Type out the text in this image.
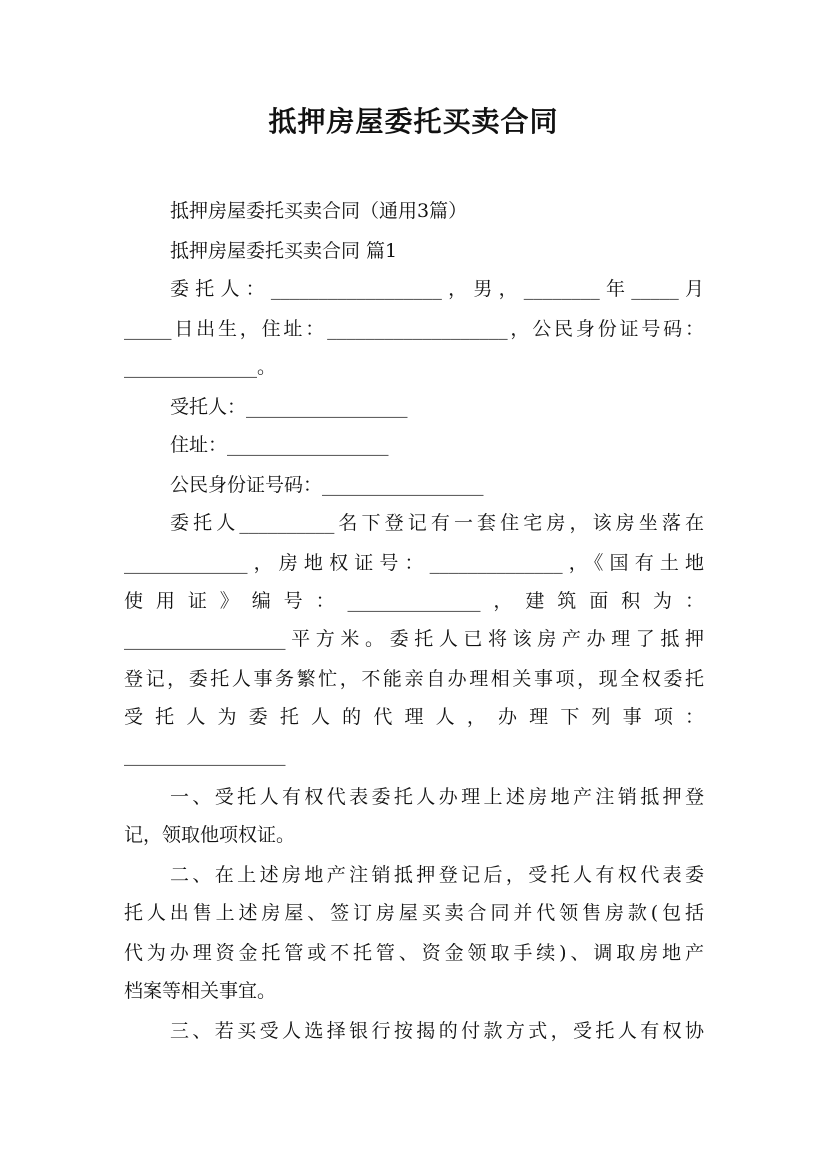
抵押房屋委托买卖合同
抵押房屋委托买卖合同（通用3篇）
抵押房屋委托买卖合同 篇1
委托人：__________________，男，________年_____月
_____日出生，住址：___________________，公民身份证号码：
______________。
受托人：_________________
住址：_________________
公民身份证号码：_________________
委托人__________名下登记有一套住宅房，该房坐落在
_____________，房地权证号：______________，《国有土地
使用证》编号：______________，建筑面积为：
_________________平方米。委托人已将该房产办理了抵押
登记，委托人事务繁忙，不能亲自办理相关事项，现全权委托
受托人为委托人的代理人，办理下列事项：
_________________
一、受托人有权代表委托人办理上述房地产注销抵押登
记，领取他项权证。
二、在上述房地产注销抵押登记后，受托人有权代表委
托人出售上述房屋、签订房屋买卖合同并代领售房款(包括
代为办理资金托管或不托管、资金领取手续)、调取房地产
档案等相关事宜。
三、若买受人选择银行按揭的付款方式，受托人有权协
